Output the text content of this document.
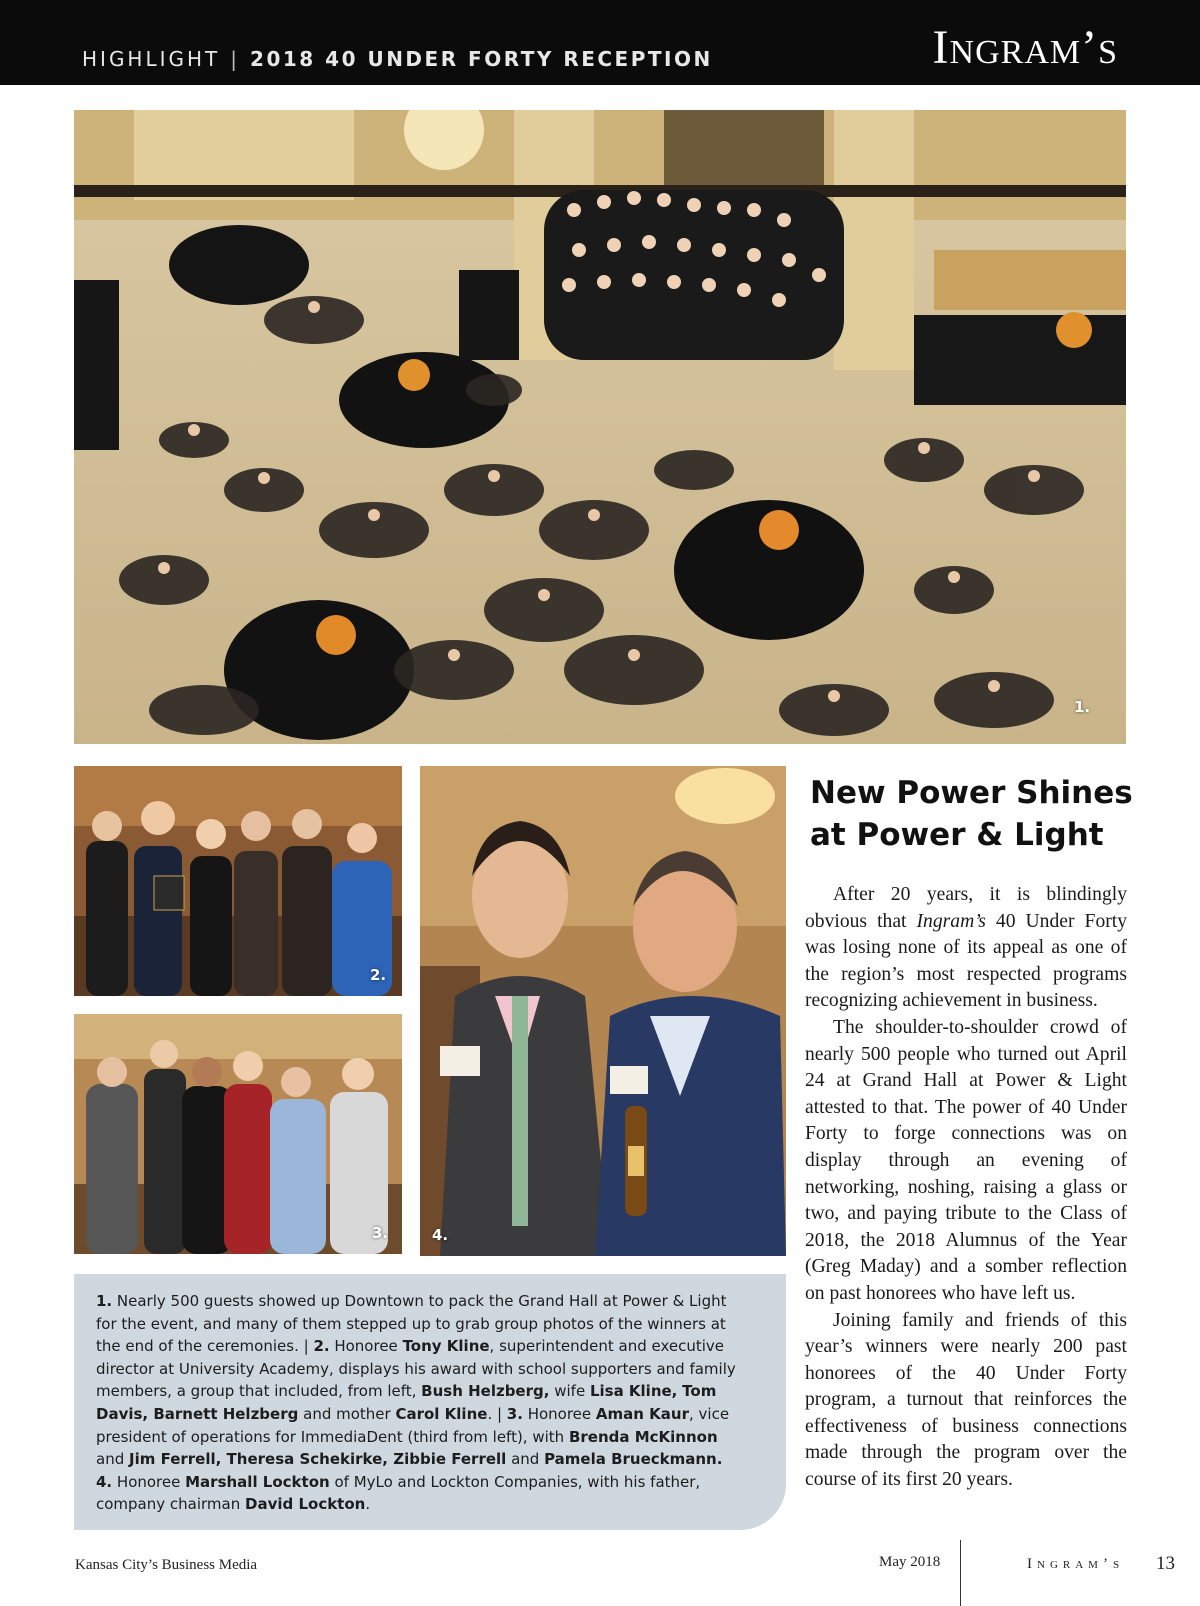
HIGHLIGHT | 2018 40 UNDER FORTY RECEPTION	Ingram’s
1.
2.
3.	4.
New Power Shines
at Power & Light

After 20 years, it is blindingly obvious that Ingram’s 40 Under Forty was losing none of its appeal as one of the region’s most respected programs recognizing achievement in business.

The shoulder-to-shoulder crowd of nearly 500 people who turned out April 24 at Grand Hall at Power & Light attested to that. The power of 40 Under Forty to forge connections was on display through an evening of networking, noshing, raising a glass or two, and paying tribute to the Class of 2018, the 2018 Alumnus of the Year (Greg Maday) and a somber reflection on past honorees who have left us.

Joining family and friends of this year’s winners were nearly 200 past honorees of the 40 Under Forty program, a turnout that reinforces the effectiveness of business connections made through the program over the course of its first 20 years.

1. Nearly 500 guests showed up Downtown to pack the Grand Hall at Power & Light for the event, and many of them stepped up to grab group photos of the winners at the end of the ceremonies. | 2. Honoree Tony Kline, superintendent and executive director at University Academy, displays his award with school supporters and family members, a group that included, from left, Bush Helzberg, wife Lisa Kline, Tom Davis, Barnett Helzberg and mother Carol Kline. | 3. Honoree Aman Kaur, vice president of operations for ImmediaDent (third from left), with Brenda McKinnon and Jim Ferrell, Theresa Schekirke, Zibbie Ferrell and Pamela Brueckmann.
4. Honoree Marshall Lockton of MyLo and Lockton Companies, with his father, company chairman David Lockton.
Kansas City’s Business Media	May 2018	Ingram’s 13
